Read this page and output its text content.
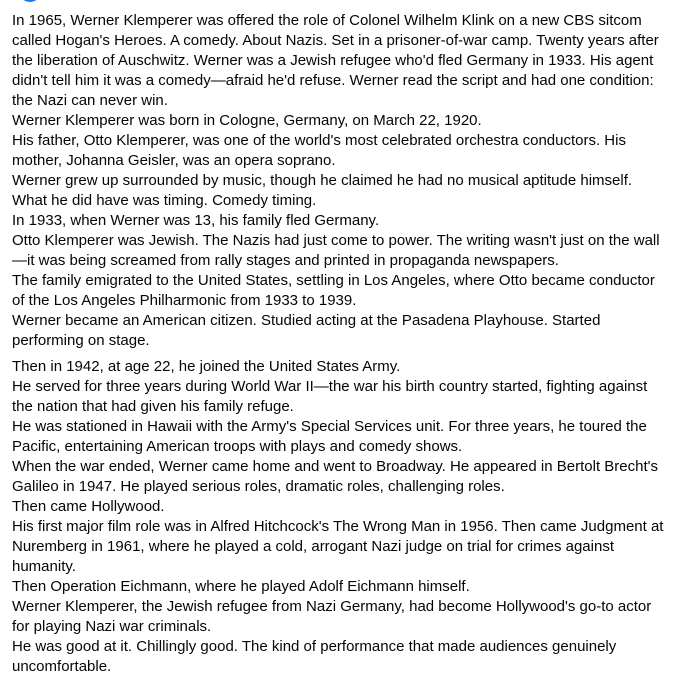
In 1965, Werner Klemperer was offered the role of Colonel Wilhelm Klink on a new CBS sitcom called Hogan's Heroes. A comedy. About Nazis. Set in a prisoner-of-war camp. Twenty years after the liberation of Auschwitz. Werner was a Jewish refugee who'd fled Germany in 1933. His agent didn't tell him it was a comedy—afraid he'd refuse. Werner read the script and had one condition: the Nazi can never win.
Werner Klemperer was born in Cologne, Germany, on March 22, 1920.
His father, Otto Klemperer, was one of the world's most celebrated orchestra conductors. His mother, Johanna Geisler, was an opera soprano.
Werner grew up surrounded by music, though he claimed he had no musical aptitude himself. What he did have was timing. Comedy timing.
In 1933, when Werner was 13, his family fled Germany.
Otto Klemperer was Jewish. The Nazis had just come to power. The writing wasn't just on the wall—it was being screamed from rally stages and printed in propaganda newspapers.
The family emigrated to the United States, settling in Los Angeles, where Otto became conductor of the Los Angeles Philharmonic from 1933 to 1939.
Werner became an American citizen. Studied acting at the Pasadena Playhouse. Started performing on stage.
Then in 1942, at age 22, he joined the United States Army.
He served for three years during World War II—the war his birth country started, fighting against the nation that had given his family refuge.
He was stationed in Hawaii with the Army's Special Services unit. For three years, he toured the Pacific, entertaining American troops with plays and comedy shows.
When the war ended, Werner came home and went to Broadway. He appeared in Bertolt Brecht's Galileo in 1947. He played serious roles, dramatic roles, challenging roles.
Then came Hollywood.
His first major film role was in Alfred Hitchcock's The Wrong Man in 1956. Then came Judgment at Nuremberg in 1961, where he played a cold, arrogant Nazi judge on trial for crimes against humanity.
Then Operation Eichmann, where he played Adolf Eichmann himself.
Werner Klemperer, the Jewish refugee from Nazi Germany, had become Hollywood's go-to actor for playing Nazi war criminals.
He was good at it. Chillingly good. The kind of performance that made audiences genuinely uncomfortable.
